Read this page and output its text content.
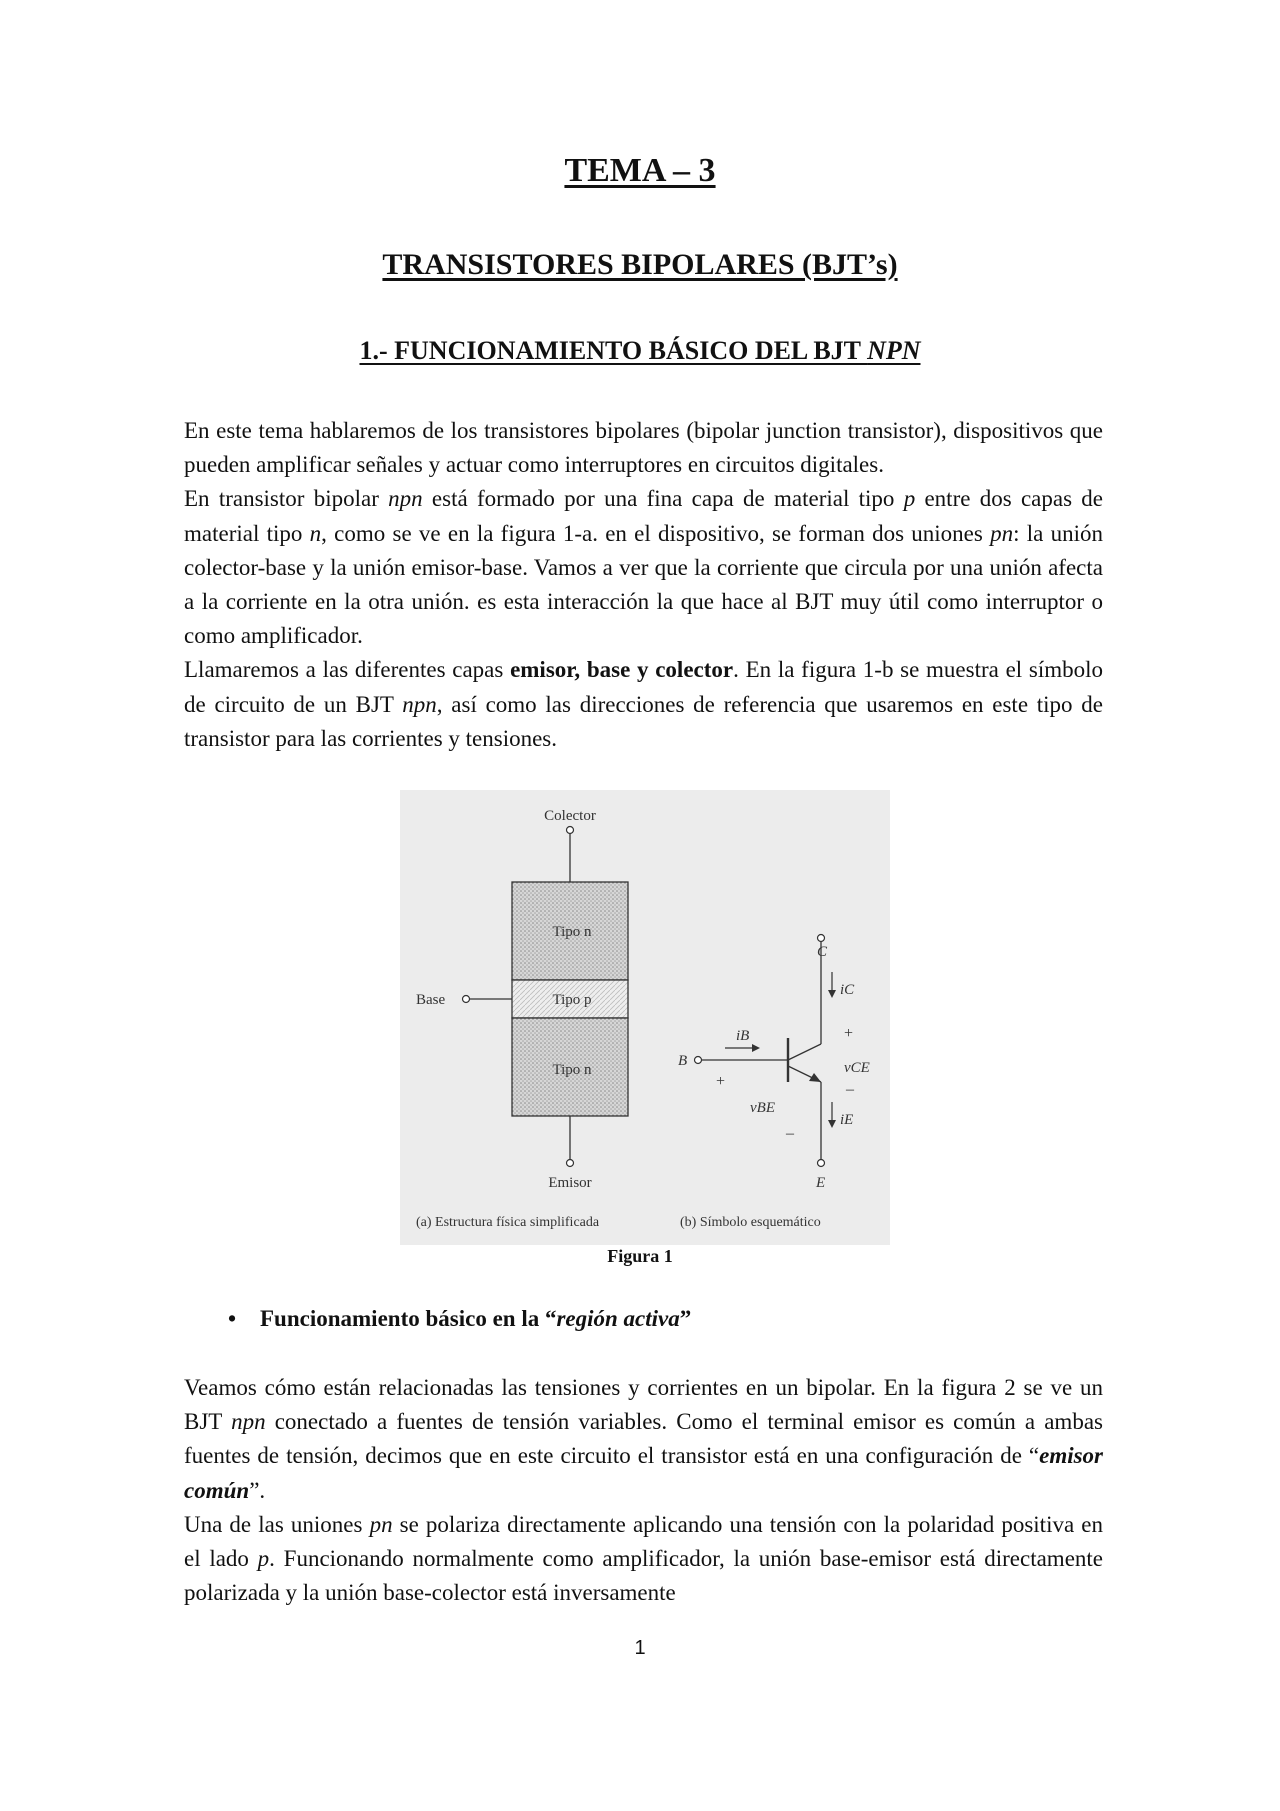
TEMA – 3
TRANSISTORES BIPOLARES (BJT’s)
1.- FUNCIONAMIENTO BÁSICO DEL BJT NPN
En este tema hablaremos de los transistores bipolares (bipolar junction transistor), dispositivos que pueden amplificar señales y actuar como interruptores en circuitos digitales.
En transistor bipolar npn está formado por una fina capa de material tipo p entre dos capas de material tipo n, como se ve en la figura 1-a. en el dispositivo, se forman dos uniones pn: la unión colector-base y la unión emisor-base. Vamos a ver que la corriente que circula por una unión afecta a la corriente en la otra unión. es esta interacción la que hace al BJT muy útil como interruptor o como amplificador.
Llamaremos a las diferentes capas emisor, base y colector. En la figura 1-b se muestra el símbolo de circuito de un BJT npn, así como las direcciones de referencia que usaremos en este tipo de transistor para las corrientes y tensiones.
Colector
Tipo n
Tipo p
Tipo n
Base
Emisor
(a) Estructura física simplificada
C
E
B
iB
iC
iE
+
vCE
–
+
vBE
–
(b) Símbolo esquemático
Figura 1
• Funcionamiento básico en la “región activa”
Veamos cómo están relacionadas las tensiones y corrientes en un bipolar. En la figura 2 se ve un BJT npn conectado a fuentes de tensión variables. Como el terminal emisor es común a ambas fuentes de tensión, decimos que en este circuito el transistor está en una configuración de “emisor común”.
Una de las uniones pn se polariza directamente aplicando una tensión con la polaridad positiva en el lado p. Funcionando normalmente como amplificador, la unión base-emisor está directamente polarizada y la unión base-colector está inversamente
1
